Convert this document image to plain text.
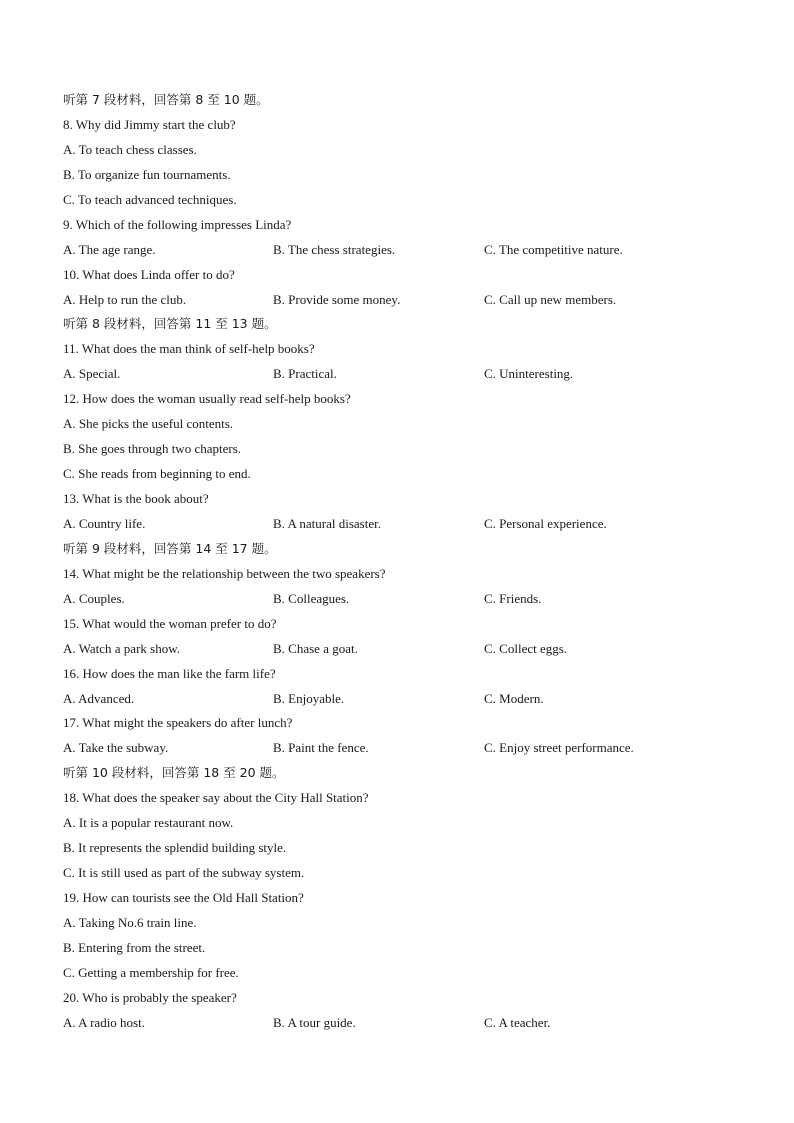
听第 7 段材料，回答第 8 至 10 题。
8. Why did Jimmy start the club?
A. To teach chess classes.
B. To organize fun tournaments.
C. To teach advanced techniques.
9. Which of the following impresses Linda?
A. The age range.	B. The chess strategies.	C. The competitive nature.
10. What does Linda offer to do?
A. Help to run the club.	B. Provide some money.	C. Call up new members.
听第 8 段材料，回答第 11 至 13 题。
11. What does the man think of self-help books?
A. Special.	B. Practical.	C. Uninteresting.
12. How does the woman usually read self-help books?
A. She picks the useful contents.
B. She goes through two chapters.
C. She reads from beginning to end.
13. What is the book about?
A. Country life.	B. A natural disaster.	C. Personal experience.
听第 9 段材料，回答第 14 至 17 题。
14. What might be the relationship between the two speakers?
A. Couples.	B. Colleagues.	C. Friends.
15. What would the woman prefer to do?
A. Watch a park show.	B. Chase a goat.	C. Collect eggs.
16. How does the man like the farm life?
A. Advanced.	B. Enjoyable.	C. Modern.
17. What might the speakers do after lunch?
A. Take the subway.	B. Paint the fence.	C. Enjoy street performance.
听第 10 段材料，回答第 18 至 20 题。
18. What does the speaker say about the City Hall Station?
A. It is a popular restaurant now.
B. It represents the splendid building style.
C. It is still used as part of the subway system.
19. How can tourists see the Old Hall Station?
A. Taking No.6 train line.
B. Entering from the street.
C. Getting a membership for free.
20. Who is probably the speaker?
A. A radio host.	B. A tour guide.	C. A teacher.
